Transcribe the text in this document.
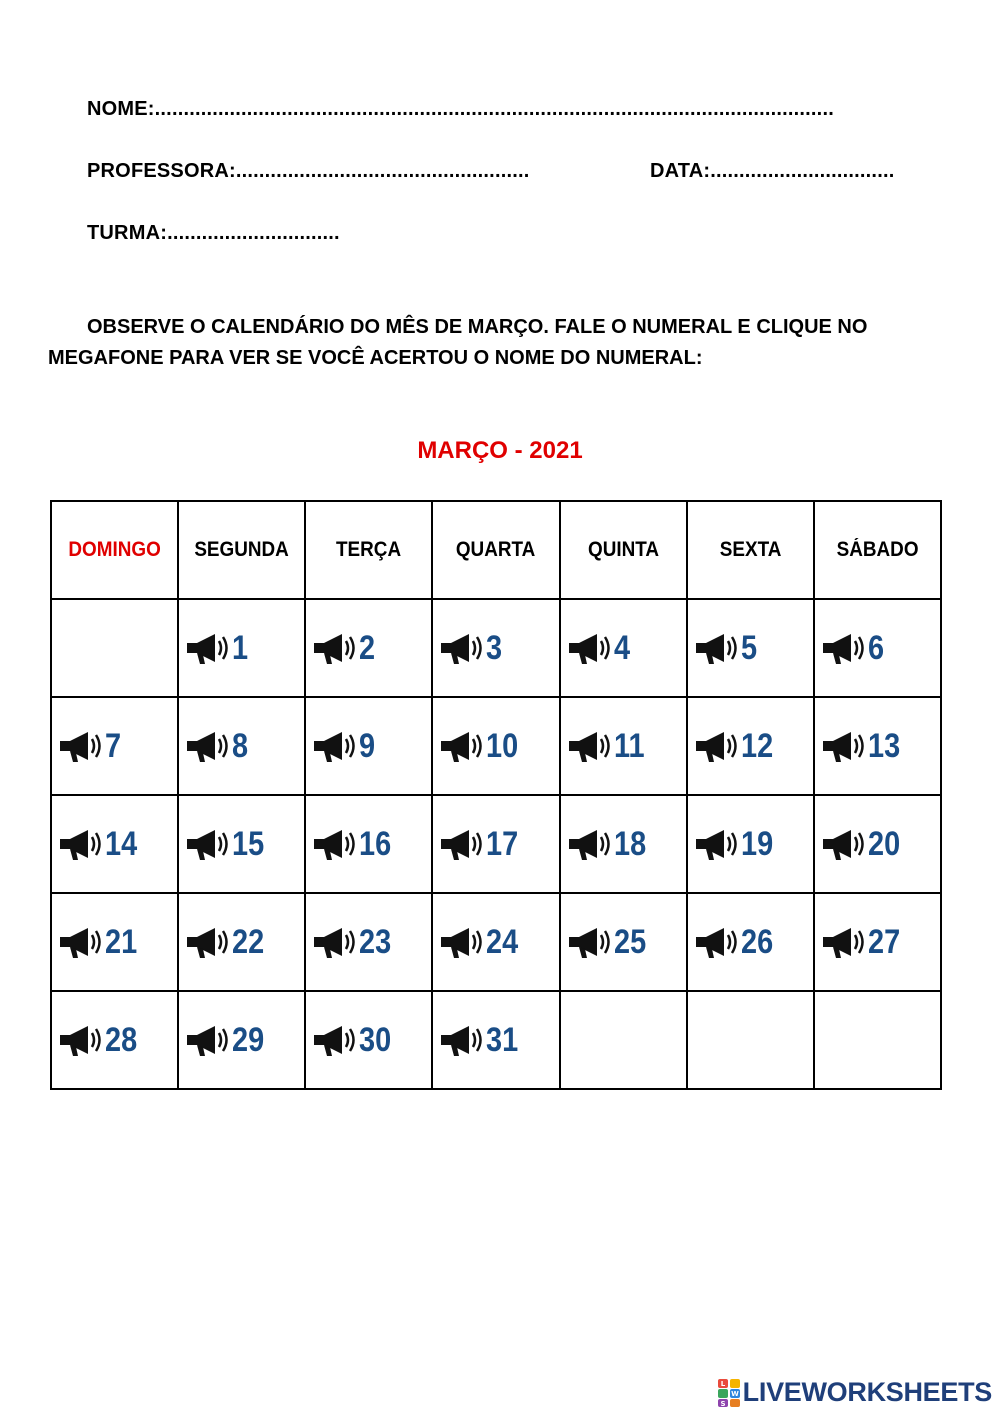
NOME:......................................................................................................................
PROFESSORA:...................................................	DATA:................................
TURMA:..............................
OBSERVE O CALENDÁRIO DO MÊS DE MARÇO. FALE O NUMERAL E CLIQUE NO MEGAFONE PARA VER SE VOCÊ ACERTOU O NOME DO NUMERAL:
MARÇO - 2021
DOMINGO	SEGUNDA	TERÇA	QUARTA	QUINTA	SEXTA	SÁBADO

	1	2	3	4	5	6

7	8	9	10	11	12	13

14	15	16	17	18	19	20

21	22	23	24	25	26	27

28	29	30	31			

L
W
S LIVEWORKSHEETS
